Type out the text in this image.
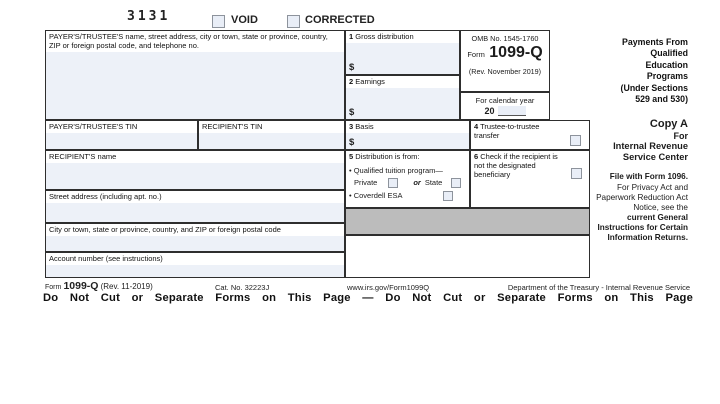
3131	VOID	CORRECTED
PAYER'S/TRUSTEE'S name, street address, city or town, state or province, country, ZIP or foreign postal code, and telephone no.
1 Gross distribution
$
2 Earnings
$
OMB No. 1545-1760
Form 1099-Q
(Rev. November 2019)
For calendar year
20
PAYER'S/TRUSTEE'S TIN	RECIPIENT'S TIN	3 Basis
$
4 Trustee-to-trustee transfer
RECIPIENT'S name	5 Distribution is from:
• Qualified tuition program—
Private	or State
• Coverdell ESA
6 Check if the recipient is not the designated beneficiary
Street address (including apt. no.)
City or town, state or province, country, and ZIP or foreign postal code
Account number (see instructions)
Payments From
Qualified
Education
Programs
(Under Sections
529 and 530)
Copy A
For
Internal Revenue
Service Center
File with Form 1096.
For Privacy Act and Paperwork Reduction Act Notice, see the
current General Instructions for Certain Information Returns.
Form 1099-Q (Rev. 11-2019)	Cat. No. 32223J	www.irs.gov/Form1099Q	Department of the Treasury - Internal Revenue Service
Do Not Cut or Separate Forms on This Page — Do Not Cut or Separate Forms on This Page
